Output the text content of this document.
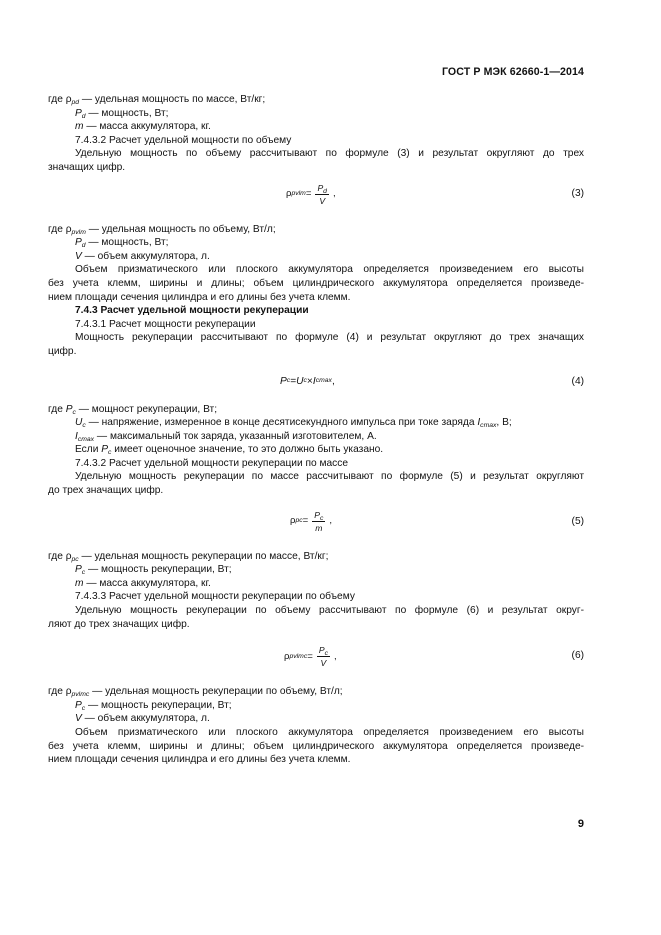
ГОСТ Р МЭК 62660-1—2014
где $\rho_{pd}$ — удельная мощность по массе, Вт/кг;
$P_d$ — мощность, Вт;
m — масса аккумулятора, кг.
7.4.3.2 Расчет удельной мощности по объему
Удельную мощность по объему рассчитывают по формуле (3) и результат округляют до трех
значащих цифр.
ρ pvlm = $\frac{P_d}{V}$ ,	(3)
где $\rho_{pvlm}$ — удельная мощность по объему, Вт/л;
$P_d$ — мощность, Вт;
V — объем аккумулятора, л.
Объем призматического или плоского аккумулятора определяется произведением его высоты
без учета клемм, ширины и длины; объем цилиндрического аккумулятора определяется произведе-
нием площади сечения цилиндра и его длины без учета клемм.
7.4.3 Расчет удельной мощности рекуперации
7.4.3.1 Расчет мощности рекуперации
Мощность рекуперации рассчитывают по формуле (4) и результат округляют до трех значащих
цифр.
P c = U c × I cmax ,	(4)
где $P_c$ — мощност рекуперации, Вт;
$U_c$ — напряжение, измеренное в конце десятисекундного импульса при токе заряда $I_{cmax}$, В;
$I_{cmax}$ — максимальный ток заряда, указанный изготовителем, А.
Если $P_c$ имеет оценочное значение, то это должно быть указано.
7.4.3.2 Расчет удельной мощности рекуперации по массе
Удельную мощность рекуперации по массе рассчитывают по формуле (5) и результат округляют
до трех значащих цифр.
ρ pc = $\frac{P_c}{m}$ ,	(5)
где $\rho_{pc}$ — удельная мощность рекуперации по массе, Вт/кг;
$P_c$ — мощность рекуперации, Вт;
m — масса аккумулятора, кг.
7.4.3.3 Расчет удельной мощности рекуперации по объему
Удельную мощность рекуперации по объему рассчитывают по формуле (6) и результат округ-
ляют до трех значащих цифр.
ρ pvlmc = $\frac{P_c}{V}$ ,	(6)
где $\rho_{pvlmc}$ — удельная мощность рекуперации по объему, Вт/л;
$P_c$ — мощность рекуперации, Вт;
V — объем аккумулятора, л.
Объем призматического или плоского аккумулятора определяется произведением его высоты
без учета клемм, ширины и длины; объем цилиндрического аккумулятора определяется произведе-
нием площади сечения цилиндра и его длины без учета клемм.
9
